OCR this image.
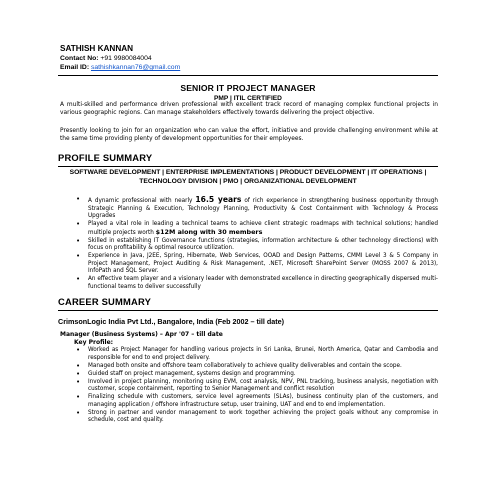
SATHISH KANNAN
Contact No: +91 9980084004
Email ID: sathishkannan76@gmail.com
SENIOR IT PROJECT MANAGER
PMP | ITIL CERTIFIED
A multi-skilled and performance driven professional with excellent track record of managing complex functional projects in various geographic regions. Can manage stakeholders effectively towards delivering the project objective.
Presently looking to join for an organization who can value the effort, initiative and provide challenging environment while at the same time providing plenty of development opportunities for their employees.
PROFILE SUMMARY
SOFTWARE DEVELOPMENT | ENTERPRISE IMPLEMENTATIONS | PRODUCT DEVELOPMENT | IT OPERATIONS | TECHNOLOGY DIVISION | PMO | ORGANIZATIONAL DEVELOPMENT
• A dynamic professional with nearly 16.5 years of rich experience in strengthening business opportunity through Strategic Planning & Execution, Technology Planning, Productivity & Cost Containment with Technology & Process Upgrades
• Played a vital role in leading a technical teams to achieve client strategic roadmaps with technical solutions; handled multiple projects worth $12M along with 30 members
• Skilled in establishing IT Governance functions (strategies, information architecture & other technology directions) with focus on profitability & optimal resource utilization.
• Experience in Java, J2EE, Spring, Hibernate, Web Services, OOAD and Design Patterns, CMMI Level 3 & 5 Company in Project Management, Project Auditing & Risk Management, .NET, Microsoft SharePoint Server (MOSS 2007 & 2013), InfoPath and SQL Server.
• An effective team player and a visionary leader with demonstrated excellence in directing geographically dispersed multi-functional teams to deliver successfully
CAREER SUMMARY
CrimsonLogic India Pvt Ltd., Bangalore, India (Feb 2002 – till date)
Manager (Business Systems) – Apr '07 – till date
Key Profile:
• Worked as Project Manager for handling various projects in Sri Lanka, Brunei, North America, Qatar and Cambodia and responsible for end to end project delivery.
• Managed both onsite and offshore team collaboratively to achieve quality deliverables and contain the scope.
• Guided staff on project management, systems design and programming.
• Involved in project planning, monitoring using EVM, cost analysis, NPV, PNL tracking, business analysis, negotiation with customer, scope containment, reporting to Senior Management and conflict resolution
• Finalizing schedule with customers, service level agreements (SLAs), business continuity plan of the customers, and managing application / offshore infrastructure setup, user training, UAT and end to end implementation.
• Strong in partner and vendor management to work together achieving the project goals without any compromise in schedule, cost and quality.
